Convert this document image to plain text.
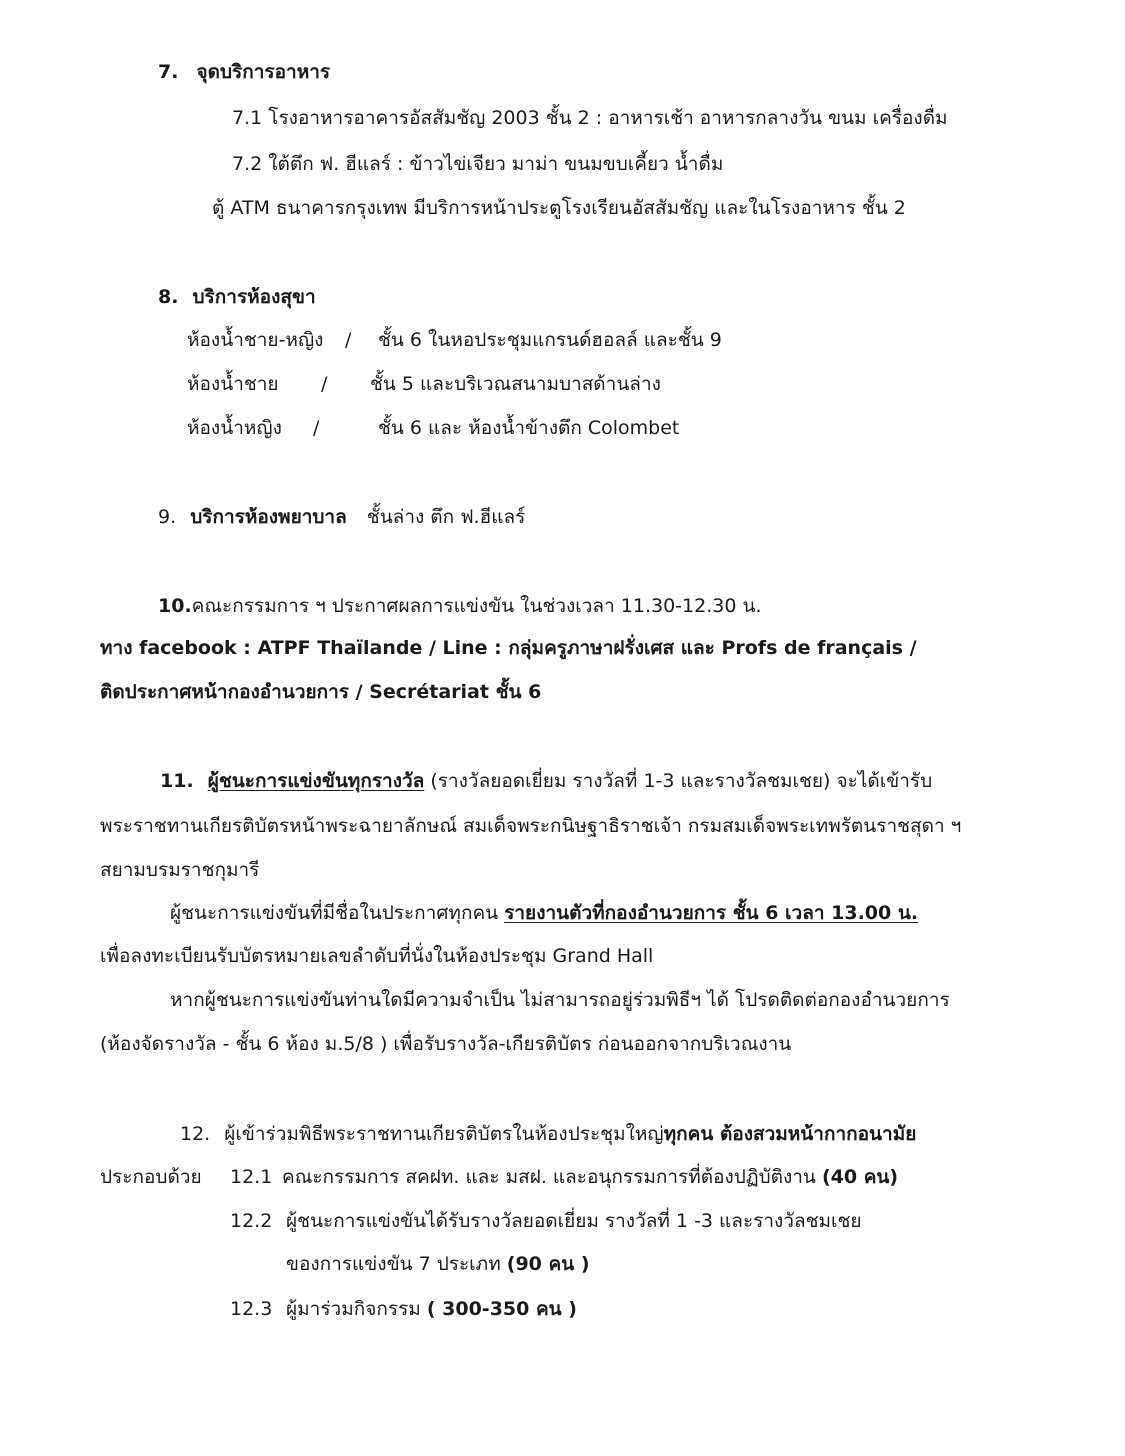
7. จุดบริการอาหาร
7.1 โรงอาหารอาคารอัสสัมชัญ 2003 ชั้น 2 : อาหารเช้า อาหารกลางวัน ขนม เครื่องดื่ม
7.2 ใต้ตึก ฟ. ฮีแลร์ : ข้าวไข่เจียว มาม่า ขนมขบเคี้ยว น้ำดื่ม
ตู้ ATM ธนาคารกรุงเทพ มีบริการหน้าประตูโรงเรียนอัสสัมชัญ และในโรงอาหาร ชั้น 2
8. บริการห้องสุขา
ห้องน้ำชาย-หญิง / ชั้น 6 ในหอประชุมแกรนด์ฮอลล์ และชั้น 9
ห้องน้ำชาย / ชั้น 5 และบริเวณสนามบาสด้านล่าง
ห้องน้ำหญิง /	ชั้น 6 และ ห้องน้ำข้างตึก Colombet
9. บริการห้องพยาบาล ชั้นล่าง ตึก ฟ.ฮีแลร์
10.คณะกรรมการ ฯ ประกาศผลการแข่งขัน ในช่วงเวลา 11.30-12.30 น.
ทาง facebook : ATPF Thaïlande / Line : กลุ่มครูภาษาฝรั่งเศส และ Profs de français /
ติดประกาศหน้ากองอำนวยการ / Secrétariat ชั้น 6
11. ผู้ชนะการแข่งขันทุกรางวัล (รางวัลยอดเยี่ยม รางวัลที่ 1-3 และรางวัลชมเชย) จะได้เข้ารับ
พระราชทานเกียรติบัตรหน้าพระฉายาลักษณ์ สมเด็จพระกนิษฐาธิราชเจ้า กรมสมเด็จพระเทพรัตนราชสุดา ฯ
สยามบรมราชกุมารี
ผู้ชนะการแข่งขันที่มีชื่อในประกาศทุกคน รายงานตัวที่กองอำนวยการ ชั้น 6 เวลา 13.00 น.
เพื่อลงทะเบียนรับบัตรหมายเลขลำดับที่นั่งในห้องประชุม Grand Hall
หากผู้ชนะการแข่งขันท่านใดมีความจำเป็น ไม่สามารถอยู่ร่วมพิธีฯ ได้ โปรดติดต่อกองอำนวยการ
(ห้องจัดรางวัล - ชั้น 6 ห้อง ม.5/8 ) เพื่อรับรางวัล-เกียรติบัตร ก่อนออกจากบริเวณงาน
12. ผู้เข้าร่วมพิธีพระราชทานเกียรติบัตรในห้องประชุมใหญ่ทุกคน ต้องสวมหน้ากากอนามัย
ประกอบด้วย 12.1 คณะกรรมการ สคฝท. และ มสฝ. และอนุกรรมการที่ต้องปฏิบัติงาน (40 คน)
12.2 ผู้ชนะการแข่งขันได้รับรางวัลยอดเยี่ยม รางวัลที่ 1 -3 และรางวัลชมเชย
ของการแข่งขัน 7 ประเภท (90 คน )
12.3 ผู้มาร่วมกิจกรรม ( 300-350 คน )
